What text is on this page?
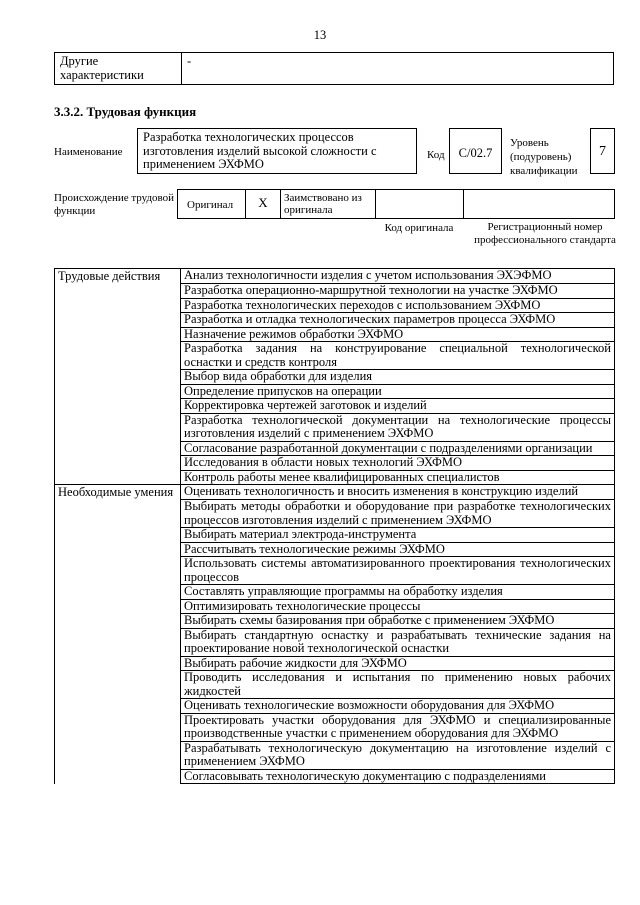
13
Другие характеристики	-
3.3.2. Трудовая функция
Наименование
Разработка технологических процессов изготовления изделий высокой сложности с применением ЭХФМО
Код	C/02.7
Уровень (подуровень) квалификации
7
Происхождение трудовой функции	Оригинал	X	Заимствовано из оригинала
Код оригинала	Регистрационный номер профессионального стандарта
Трудовые действия	Анализ технологичности изделия с учетом использования ЭХЭФМО
	Разработка операционно-маршрутной технологии на участке ЭХФМО
	Разработка технологических переходов с использованием ЭХФМО
	Разработка и отладка технологических параметров процесса ЭХФМО
	Назначение режимов обработки ЭХФМО
	Разработка задания на конструирование специальной технологической оснастки и средств контроля
	Выбор вида обработки для изделия
	Определение припусков на операции
	Корректировка чертежей заготовок и изделий
	Разработка технологической документации на технологические процессы изготовления изделий с применением ЭХФМО
	Согласование разработанной документации с подразделениями организации
	Исследования в области новых технологий ЭХФМО
	Контроль работы менее квалифицированных специалистов
Необходимые умения	Оценивать технологичность и вносить изменения в конструкцию изделий
	Выбирать методы обработки и оборудование при разработке технологических процессов изготовления изделий с применением ЭХФМО
	Выбирать материал электрода-инструмента
	Рассчитывать технологические режимы ЭХФМО
	Использовать системы автоматизированного проектирования технологических процессов
	Составлять управляющие программы на обработку изделия
	Оптимизировать технологические процессы
	Выбирать схемы базирования при обработке с применением ЭХФМО
	Выбирать стандартную оснастку и разрабатывать технические задания на проектирование новой технологической оснастки
	Выбирать рабочие жидкости для ЭХФМО
	Проводить исследования и испытания по применению новых рабочих жидкостей
	Оценивать технологические возможности оборудования для ЭХФМО
	Проектировать участки оборудования для ЭХФМО и специализированные производственные участки с применением оборудования для ЭХФМО
	Разрабатывать технологическую документацию на изготовление изделий с применением ЭХФМО
	Согласовывать технологическую документацию с подразделениями
